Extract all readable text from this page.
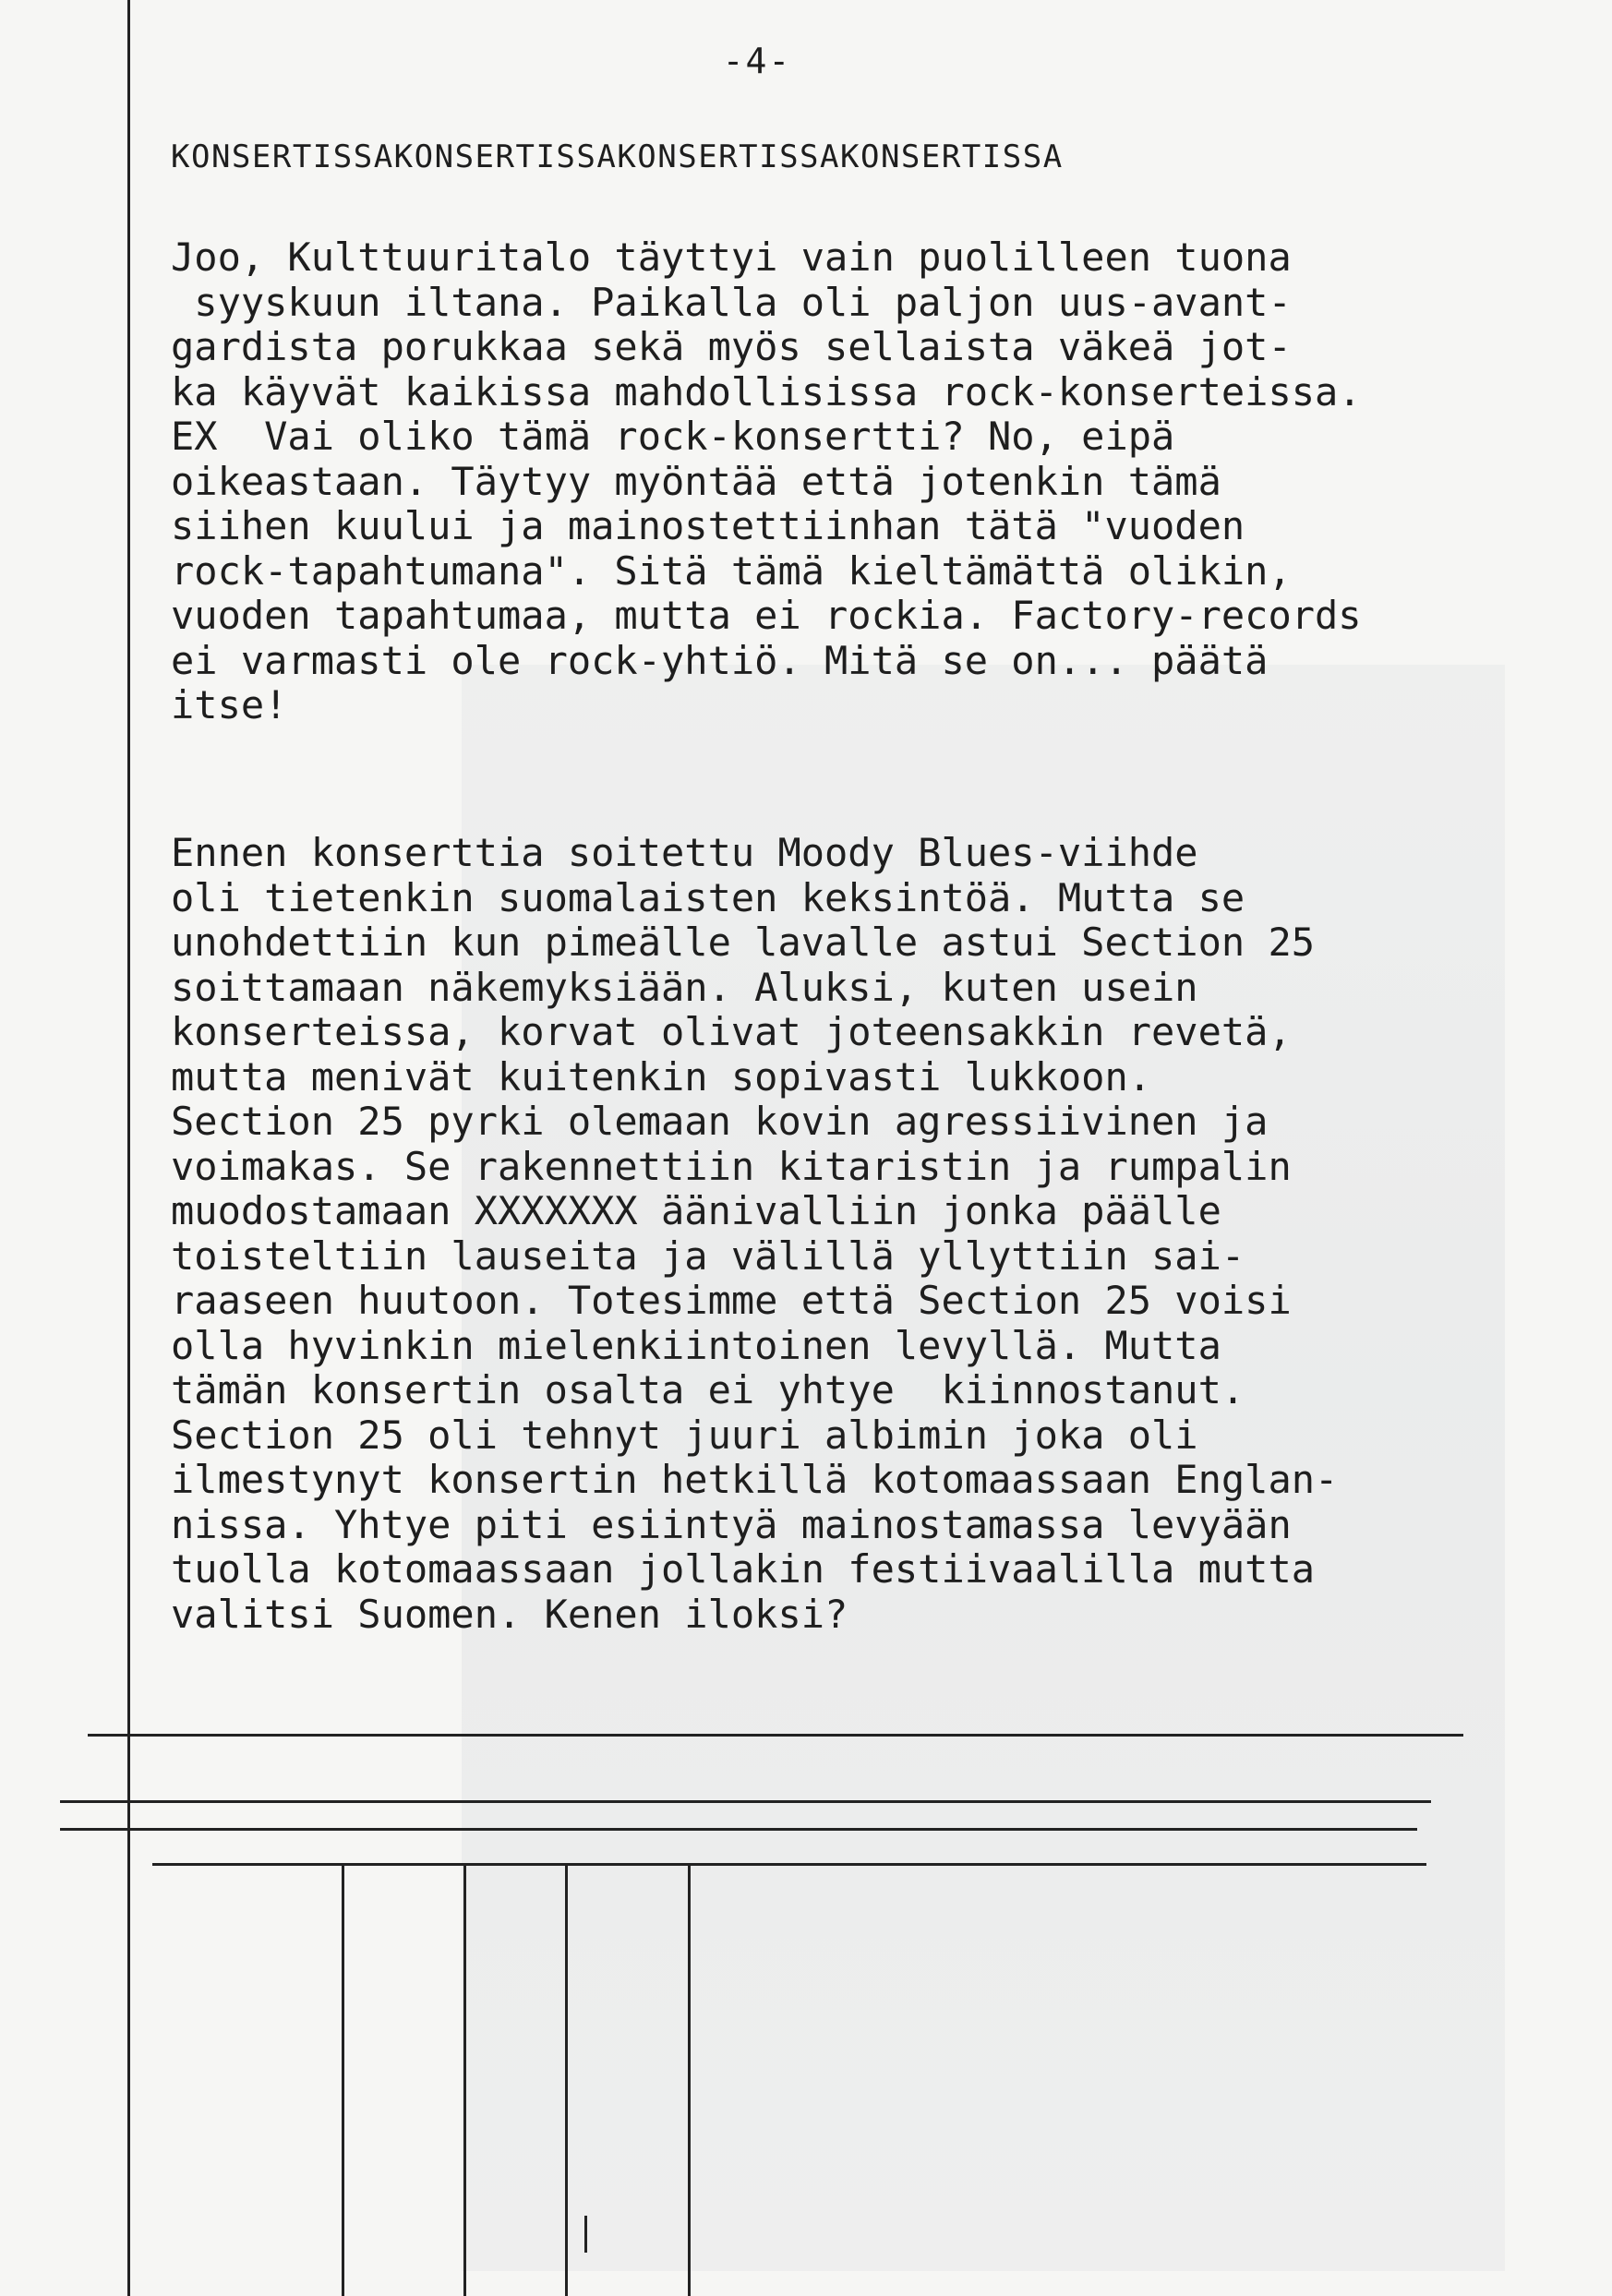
-4-
KONSERTISSAKONSERTISSAKONSERTISSAKONSERTISSA
Joo, Kulttuuritalo täyttyi vain puolilleen tuona
syyskuun iltana. Paikalla oli paljon uus-avant-
gardista porukkaa sekä myös sellaista väkeä jot-
ka käyvät kaikissa mahdollisissa rock-konserteissa.
EX  Vai oliko tämä rock-konsertti? No, eipä
oikeastaan. Täytyy myöntää että jotenkin tämä
siihen kuului ja mainostettiinhan tätä "vuoden
rock-tapahtumana". Sitä tämä kieltämättä olikin,
vuoden tapahtumaa, mutta ei rockia. Factory-records
ei varmasti ole rock-yhtiö. Mitä se on... päätä
itse!
Ennen konserttia soitettu Moody Blues-viihde
oli tietenkin suomalaisten keksintöä. Mutta se
unohdettiin kun pimeälle lavalle astui Section 25
soittamaan näkemyksiään. Aluksi, kuten usein
konserteissa, korvat olivat joteensakkin revetä,
mutta menivät kuitenkin sopivasti lukkoon.
Section 25 pyrki olemaan kovin agressiivinen ja
voimakas. Se rakennettiin kitaristin ja rumpalin
muodostamaan XXXXXXX äänivalliin jonka päälle
toisteltiin lauseita ja välillä yllyttiin sai-
raaseen huutoon. Totesimme että Section 25 voisi
olla hyvinkin mielenkiintoinen levyllä. Mutta
tämän konsertin osalta ei yhtye  kiinnostanut.
Section 25 oli tehnyt juuri albimin joka oli
ilmestynyt konsertin hetkillä kotomaassaan Englan-
nissa. Yhtye piti esiintyä mainostamassa levyään
tuolla kotomaassaan jollakin festiivaalilla mutta
valitsi Suomen. Kenen iloksi?
